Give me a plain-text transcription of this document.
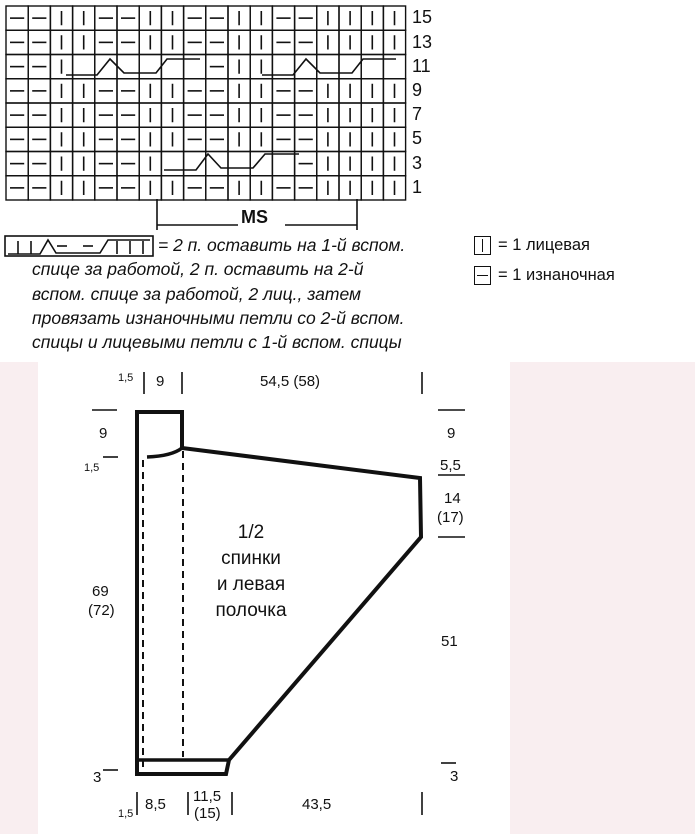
MS
15
13
11
9
7
5
3
1
= 2 п. оставить на 1-й вспом.
спице за работой, 2 п. оставить на 2-й
вспом. спице за работой, 2 лиц., затем
провязать изнаночными петли со 2-й вспом.
спицы и лицевыми петли с 1-й вспом. спицы
= 1 лицевая
= 1 изнаночная
1/2
спинки
и левая
полочка
1,5 9	54,5 (58)
9
1,5
69
(72)
3
9
5,5
14
(17)
51
3
1,5
8,5 11,5
(15)
43,5
